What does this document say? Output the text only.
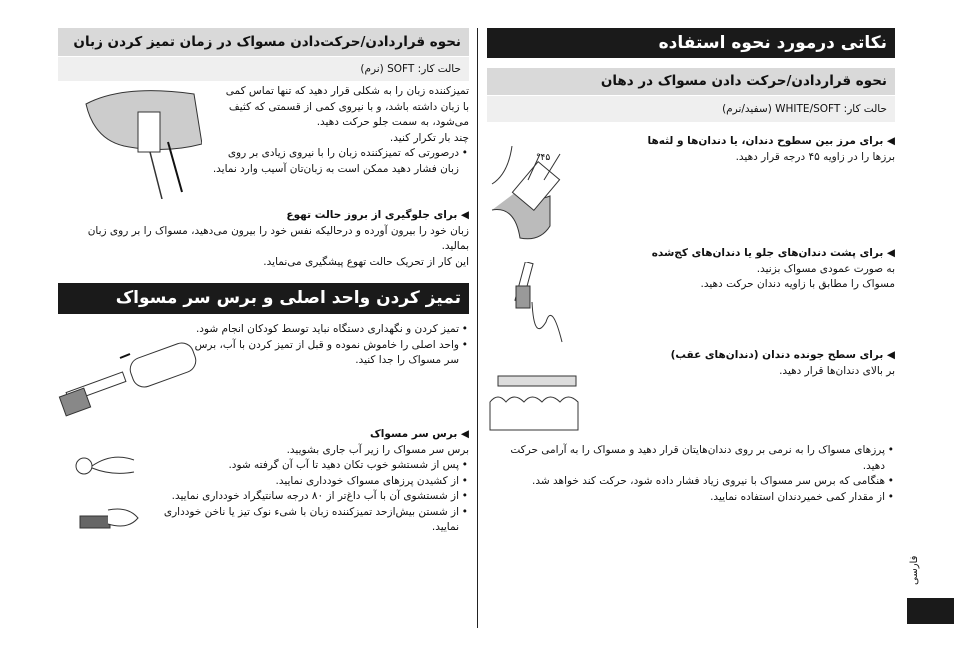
نکاتی درمورد نحوه استفاده
نحوه قراردادن/حرکت دادن مسواک در دهان
حالت کار: WHITE/SOFT (سفید/نرم)

◀ برای مرز بین سطوح دندان، یا دندان‌ها و لثه‌ها

برزها را در زاویه ۴۵ درجه قرار دهید.

◀ برای پشت دندان‌های جلو یا دندان‌های کج‌شده

به صورت عمودی مسواک بزنید.

مسواک را مطابق با زاویه دندان حرکت دهید.

◀ برای سطح جونده دندان (دندان‌های عقب)

بر بالای دندان‌ها قرار دهید.

• پرزهای مسواک را به نرمی بر روی دندان‌هایتان قرار دهید و مسواک را به آرامی حرکت دهید.
• هنگامی که برس سر مسواک با نیروی زیاد فشار داده شود، حرکت کند خواهد شد.
• از مقدار کمی خمیردندان استفاده نمایید.
فارسی
°۴۵
نحوه قراردادن/حرکت‌دادن مسواک در زمان تمیز کردن زبان
حالت کار: SOFT (نرم)

تمیزکننده زبان را به شکلی قرار دهید که تنها تماس کمی

با زبان داشته باشد، و با نیروی کمی از قسمتی که کثیف

می‌شود، به سمت جلو حرکت دهید.

چند بار تکرار کنید.

• درصورتی که تمیزکننده زبان را با نیروی زیادی بر روی زبان فشار دهید ممکن است به زبان‌تان آسیب وارد نماید.

◀ برای جلوگیری از بروز حالت تهوع

زبان خود را بیرون آورده و درحالیکه نفس خود را بیرون می‌دهید، مسواک را بر روی زبان بمالید.

این کار از تحریک حالت تهوع پیشگیری می‌نماید.

تمیز کردن واحد اصلی و برس سر مسواک
• تمیز کردن و نگهداری دستگاه نباید توسط کودکان انجام شود.
• واحد اصلی را خاموش نموده و قبل از تمیز کردن با آب، برس سر مسواک را جدا کنید.

◀ برس سر مسواک

برس سر مسواک را زیر آب جاری بشویید.

• پس از شستشو خوب تکان دهید تا آب آن گرفته شود.
• از کشیدن پرزهای مسواک خودداری نمایید.
• از شستشوی آن با آب داغ‌تر از ۸۰ درجه سانتیگراد خودداری نمایید.
• از شستن بیش‌ازحد تمیزکننده زبان با شیء نوک تیز یا ناخن خودداری نمایید.
